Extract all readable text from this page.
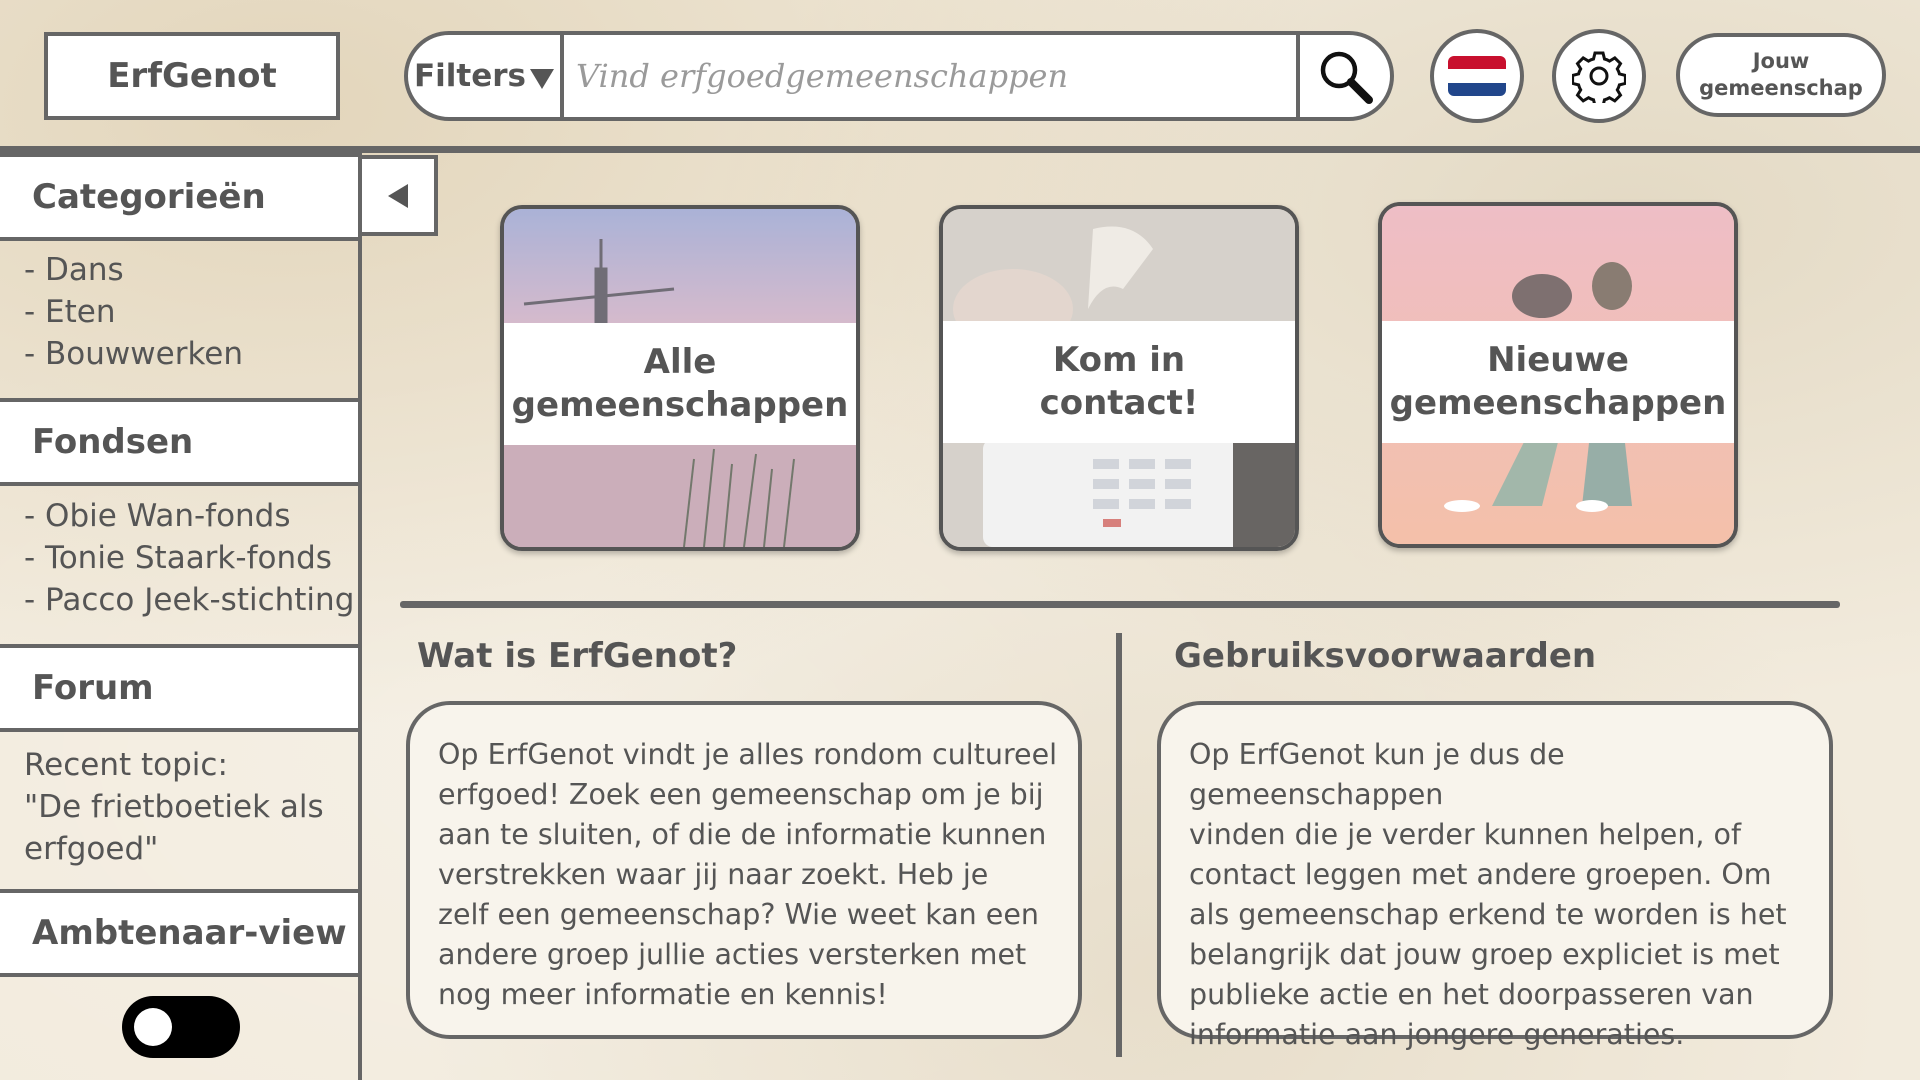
ErfGenot	Filters
Vind erfgoedgemeenschappen	Jouw
gemeenschap
Categorieën
- Dans
- Eten
- Bouwwerken
Fondsen
- Obie Wan-fonds
- Tonie Staark-fonds
- Pacco Jeek-stichting
Forum
Recent topic:
"De frietboetiek als
erfgoed"
Ambtenaar-view
Alle
gemeenschappen
Kom in
contact!
Nieuwe
gemeenschappen
Wat is ErfGenot?
Op ErfGenot vindt je alles rondom cultureel
erfgoed! Zoek een gemeenschap om je bij
aan te sluiten, of die de informatie kunnen
verstrekken waar jij naar zoekt. Heb je
zelf een gemeenschap? Wie weet kan een
andere groep jullie acties versterken met
nog meer informatie en kennis!
Gebruiksvoorwaarden
Op ErfGenot kun je dus de gemeenschappen
vinden die je verder kunnen helpen, of
contact leggen met andere groepen. Om
als gemeenschap erkend te worden is het
belangrijk dat jouw groep expliciet is met
publieke actie en het doorpasseren van
informatie aan jongere generaties.
